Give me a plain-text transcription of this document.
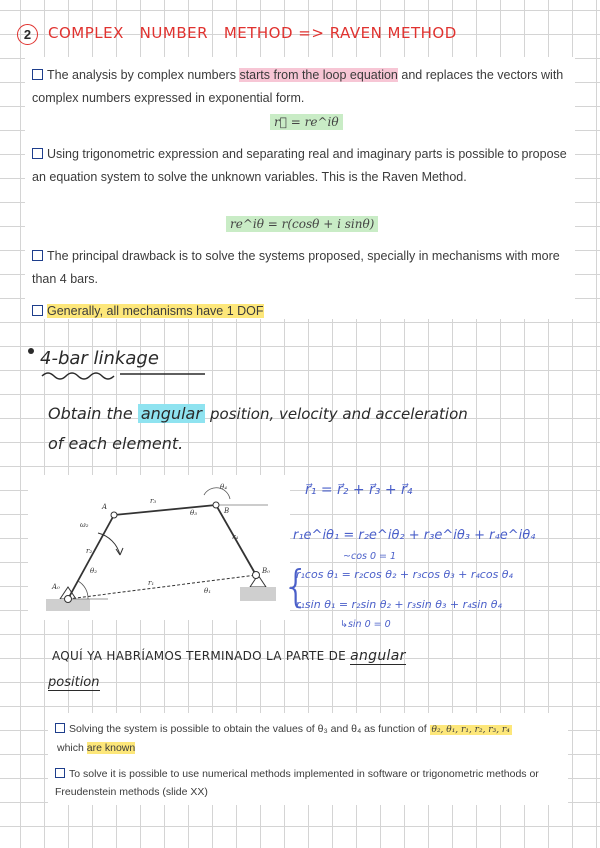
2	COMPLEX   NUMBER   METHOD => RAVEN METHOD
The analysis by complex numbers starts from the loop equation and replaces the vectors with complex numbers expressed in exponential form.
r⃗ = re^iθ
Using trigonometric expression and separating real and imaginary parts is possible to propose an equation system to solve the unknown variables. This is the Raven Method.
re^iθ = r(cosθ + i sinθ)
The principal drawback is to solve the systems proposed, specially in mechanisms with more than 4 bars.
Generally, all mechanisms have 1 DOF
4-bar linkage
Obtain the angular position, velocity and acceleration
of each element.
A	B
A₀
B₀
r₁
r₂
r₃
r₄
θ₁
θ₂
θ₃
θ₄
ω₂
r⃗₁ = r⃗₂ + r⃗₃ + r⃗₄
r₁e^iθ₁ = r₂e^iθ₂ + r₃e^iθ₃ + r₄e^iθ₄
~cos 0 = 1
{
r₁cos θ₁ = r₂cos θ₂ + r₃cos θ₃ + r₄cos θ₄
r₁sin θ₁ = r₂sin θ₂ + r₃sin θ₃ + r₄sin θ₄
↳sin 0 = 0
AQUÍ YA HABRÍAMOS TERMINADO LA PARTE DE angular
position
Solving the system is possible to obtain the values of θ₃ and θ₄ as function of θ₂, θ₁, r₁, r₂, r₃, r₄
which are known
To solve it is possible to use numerical methods implemented in software or trigonometric methods or Freudenstein methods (slide XX)
